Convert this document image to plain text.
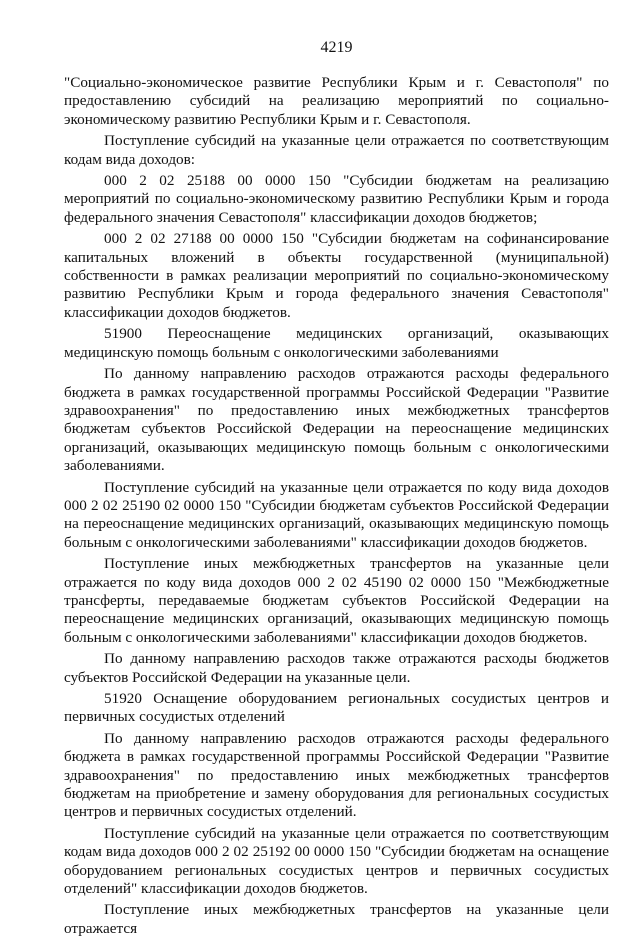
4219

"Социально-экономическое развитие Республики Крым и г. Севастополя" по предоставлению субсидий на реализацию мероприятий по социально-экономическому развитию Республики Крым и г. Севастополя.

Поступление субсидий на указанные цели отражается по соответствующим кодам вида доходов:

000 2 02 25188 00 0000 150 "Субсидии бюджетам на реализацию мероприятий по социально-экономическому развитию Республики Крым и города федерального значения Севастополя" классификации доходов бюджетов;

000 2 02 27188 00 0000 150 "Субсидии бюджетам на софинансирование капитальных вложений в объекты государственной (муниципальной) собственности в рамках реализации мероприятий по социально-экономическому развитию Республики Крым и города федерального значения Севастополя" классификации доходов бюджетов.

51900 Переоснащение медицинских организаций, оказывающих медицинскую помощь больным с онкологическими заболеваниями

По данному направлению расходов отражаются расходы федерального бюджета в рамках государственной программы Российской Федерации "Развитие здравоохранения" по предоставлению иных межбюджетных трансфертов бюджетам субъектов Российской Федерации на переоснащение медицинских организаций, оказывающих медицинскую помощь больным с онкологическими заболеваниями.

Поступление субсидий на указанные цели отражается по коду вида доходов 000 2 02 25190 02 0000 150 "Субсидии бюджетам субъектов Российской Федерации на переоснащение медицинских организаций, оказывающих медицинскую помощь больным с онкологическими заболеваниями" классификации доходов бюджетов.

Поступление иных межбюджетных трансфертов на указанные цели отражается по коду вида доходов 000 2 02 45190 02 0000 150 "Межбюджетные трансферты, передаваемые бюджетам субъектов Российской Федерации на переоснащение медицинских организаций, оказывающих медицинскую помощь больным с онкологическими заболеваниями" классификации доходов бюджетов.

По данному направлению расходов также отражаются расходы бюджетов субъектов Российской Федерации на указанные цели.

51920 Оснащение оборудованием региональных сосудистых центров и первичных сосудистых отделений

По данному направлению расходов отражаются расходы федерального бюджета в рамках государственной программы Российской Федерации "Развитие здравоохранения" по предоставлению иных межбюджетных трансфертов бюджетам на приобретение и замену оборудования для региональных сосудистых центров и первичных сосудистых отделений.

Поступление субсидий на указанные цели отражается по соответствующим кодам вида доходов 000 2 02 25192 00 0000 150 "Субсидии бюджетам на оснащение оборудованием региональных сосудистых центров и первичных сосудистых отделений" классификации доходов бюджетов.

Поступление иных межбюджетных трансфертов на указанные цели отражается
